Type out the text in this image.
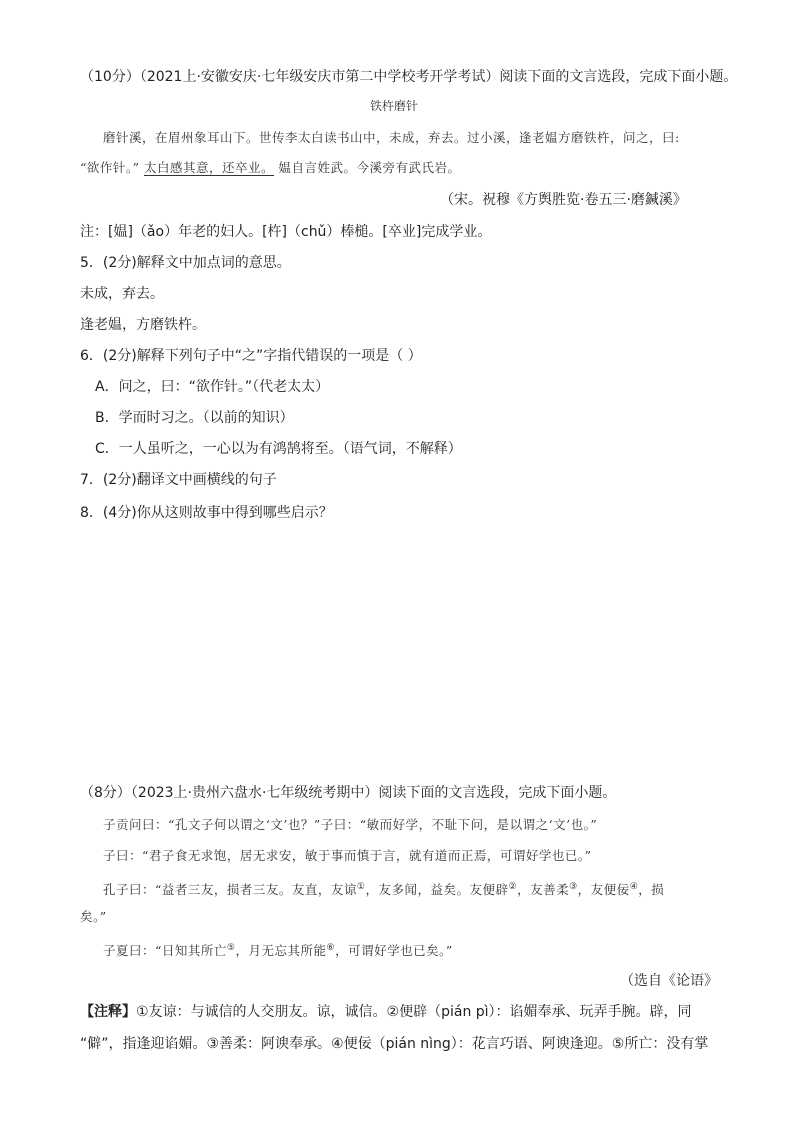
（10分）（2021上·安徽安庆·七年级安庆市第二中学校考开学考试）阅读下面的文言选段，完成下面小题。
铁杵磨针
磨针溪，在眉州象耳山下。世传李太白读书山中，未成，弃去。过小溪，逢老媪方磨铁杵，问之，曰:
“欲作针。” 太白感其意，还卒业。 媪自言姓武。今溪旁有武氏岩。
（宋。祝穆《方舆胜览·卷五三·磨鍼溪》
注：[媪]（ǎo）年老的妇人。[杵]（chǔ）棒槌。[卒业]完成学业。
5．(2分)解释文中加点词的意思。
未成，弃去。
逢老媪，方磨铁杵。
6．(2分)解释下列句子中“之”字指代错误的一项是（ ）
A．问之，曰：“欲作针。”（代老太太）
B．学而时习之。（以前的知识）
C．一人虽听之，一心以为有鸿鹄将至。（语气词，不解释）
7．(2分)翻译文中画横线的句子
8．(4分)你从这则故事中得到哪些启示？
（8分）（2023上·贵州六盘水·七年级统考期中）阅读下面的文言选段，完成下面小题。
子贡问曰：“孔文子何以谓之‘文’也？”子曰：“敏而好学，不耻下问，是以谓之‘文’也。”
子曰：“君子食无求饱，居无求安，敏于事而慎于言，就有道而正焉，可谓好学也已。”
孔子曰：“益者三友，损者三友。友直，友谅①，友多闻，益矣。友便辟②，友善柔③，友便佞④，损
矣。”
子夏曰：“日知其所亡⑤，月无忘其所能⑥，可谓好学也已矣。”
（选自《论语》
【注释】①友谅：与诚信的人交朋友。谅，诚信。②便辟（pián pì）：谄媚奉承、玩弄手腕。辟，同
“僻”，指逢迎谄媚。③善柔：阿谀奉承。④便佞（pián nìng）：花言巧语、阿谀逢迎。⑤所亡：没有掌
